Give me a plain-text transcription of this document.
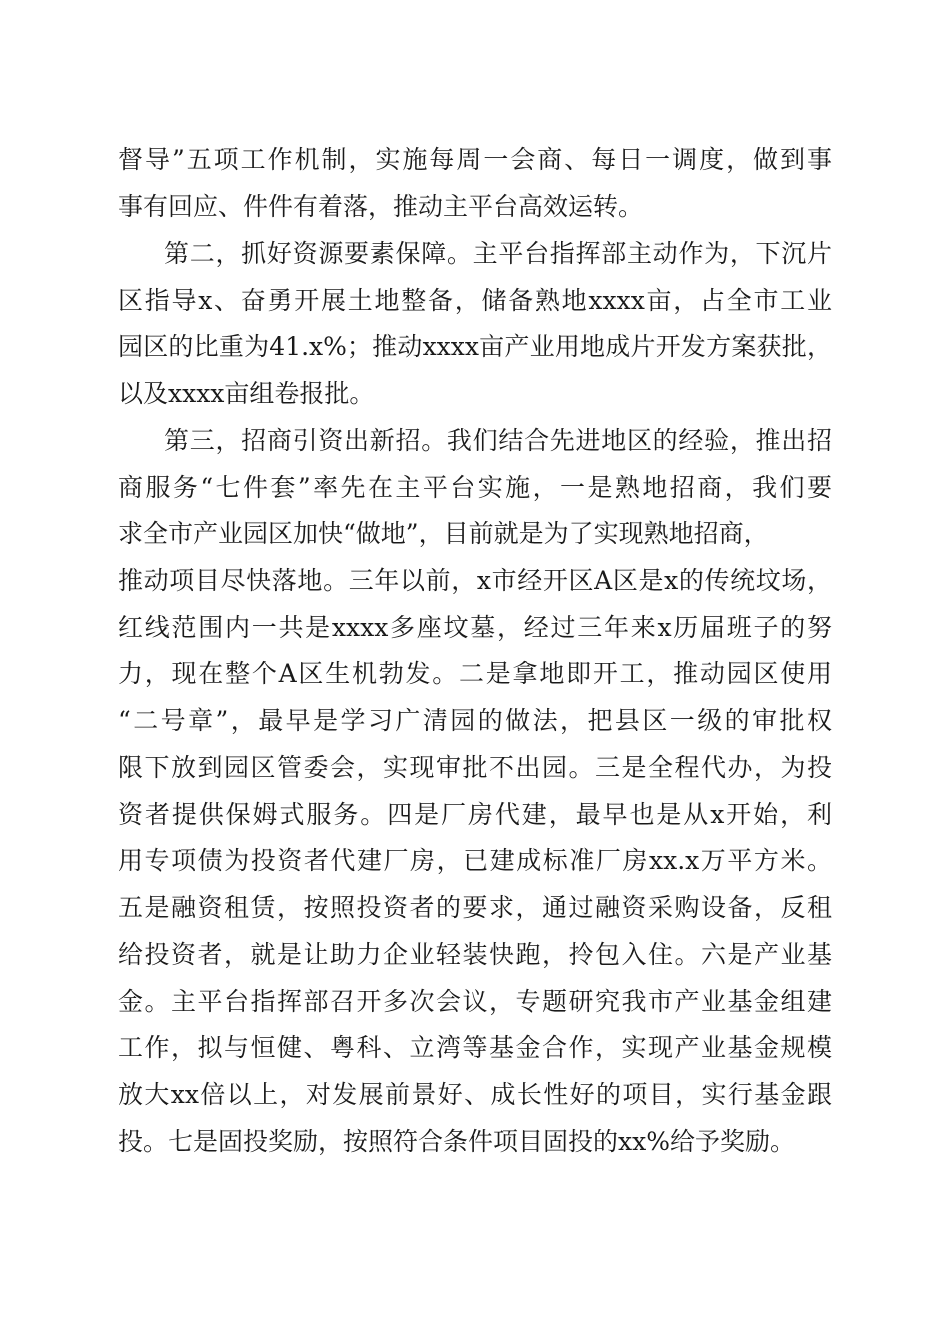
督导”五项工作机制，实施每周一会商、每日一调度，做到事
事有回应、件件有着落，推动主平台高效运转。
第二，抓好资源要素保障。主平台指挥部主动作为，下沉片
区指导x、奋勇开展土地整备，储备熟地xxxx亩，占全市工业
园区的比重为41.x%；推动xxxx亩产业用地成片开发方案获批，
以及xxxx亩组卷报批。
第三，招商引资出新招。我们结合先进地区的经验，推出招
商服务“七件套”率先在主平台实施，一是熟地招商，我们要
求全市产业园区加快“做地”，目前就是为了实现熟地招商，
推动项目尽快落地。三年以前，x市经开区A区是x的传统坟场，
红线范围内一共是xxxx多座坟墓，经过三年来x历届班子的努
力，现在整个A区生机勃发。二是拿地即开工，推动园区使用
“二号章”，最早是学习广清园的做法，把县区一级的审批权
限下放到园区管委会，实现审批不出园。三是全程代办，为投
资者提供保姆式服务。四是厂房代建，最早也是从x开始，利
用专项债为投资者代建厂房，已建成标准厂房xx.x万平方米。
五是融资租赁，按照投资者的要求，通过融资采购设备，反租
给投资者，就是让助力企业轻装快跑，拎包入住。六是产业基
金。主平台指挥部召开多次会议，专题研究我市产业基金组建
工作，拟与恒健、粤科、立湾等基金合作，实现产业基金规模
放大xx倍以上，对发展前景好、成长性好的项目，实行基金跟
投。七是固投奖励，按照符合条件项目固投的xx%给予奖励。
